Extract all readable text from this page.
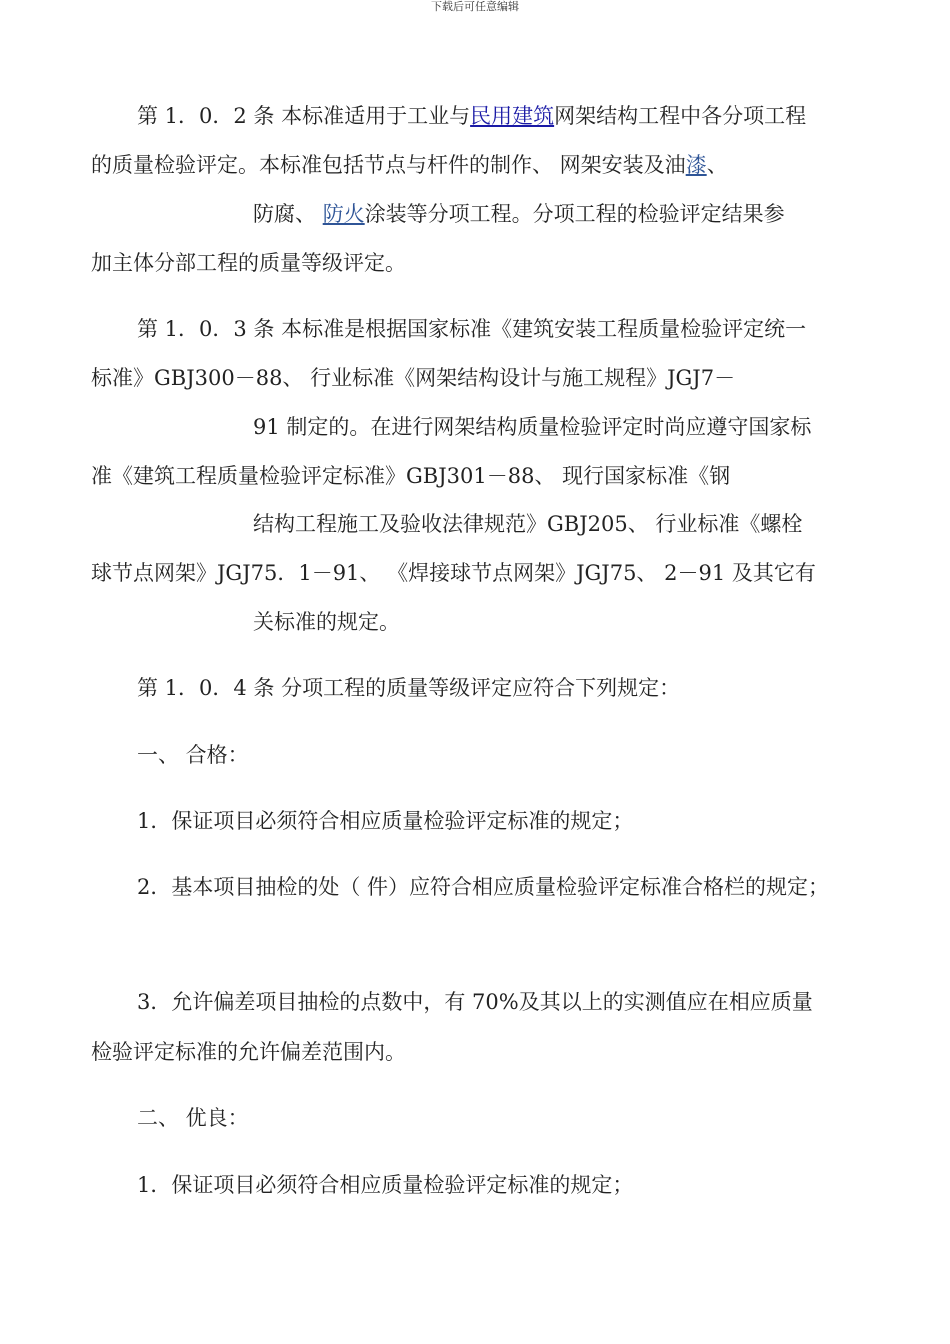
下载后可任意编辑
第 1．0．2 条 本标准适用于工业与民用建筑网架结构工程中各分项工程
的质量检验评定。本标准包括节点与杆件的制作、 网架安装及油漆、
防腐、 防火涂装等分项工程。分项工程的检验评定结果参
加主体分部工程的质量等级评定。
第 1．0．3 条 本标准是根据国家标准《建筑安装工程质量检验评定统一
标准》GBJ300－88、 行业标准《网架结构设计与施工规程》JGJ7－
91 制定的。在进行网架结构质量检验评定时尚应遵守国家标
准《建筑工程质量检验评定标准》GBJ301－88、 现行国家标准《钢
结构工程施工及验收法律规范》GBJ205、 行业标准《螺栓
球节点网架》JGJ75．1－91、 《焊接球节点网架》JGJ75、 2－91 及其它有
关标准的规定。
第 1．0．4 条 分项工程的质量等级评定应符合下列规定：
一、 合格：
1．保证项目必须符合相应质量检验评定标准的规定；
2．基本项目抽检的处（ 件）应符合相应质量检验评定标准合格栏的规定；
3．允许偏差项目抽检的点数中，有 70%及其以上的实测值应在相应质量
检验评定标准的允许偏差范围内。
二、 优良：
1．保证项目必须符合相应质量检验评定标准的规定；
